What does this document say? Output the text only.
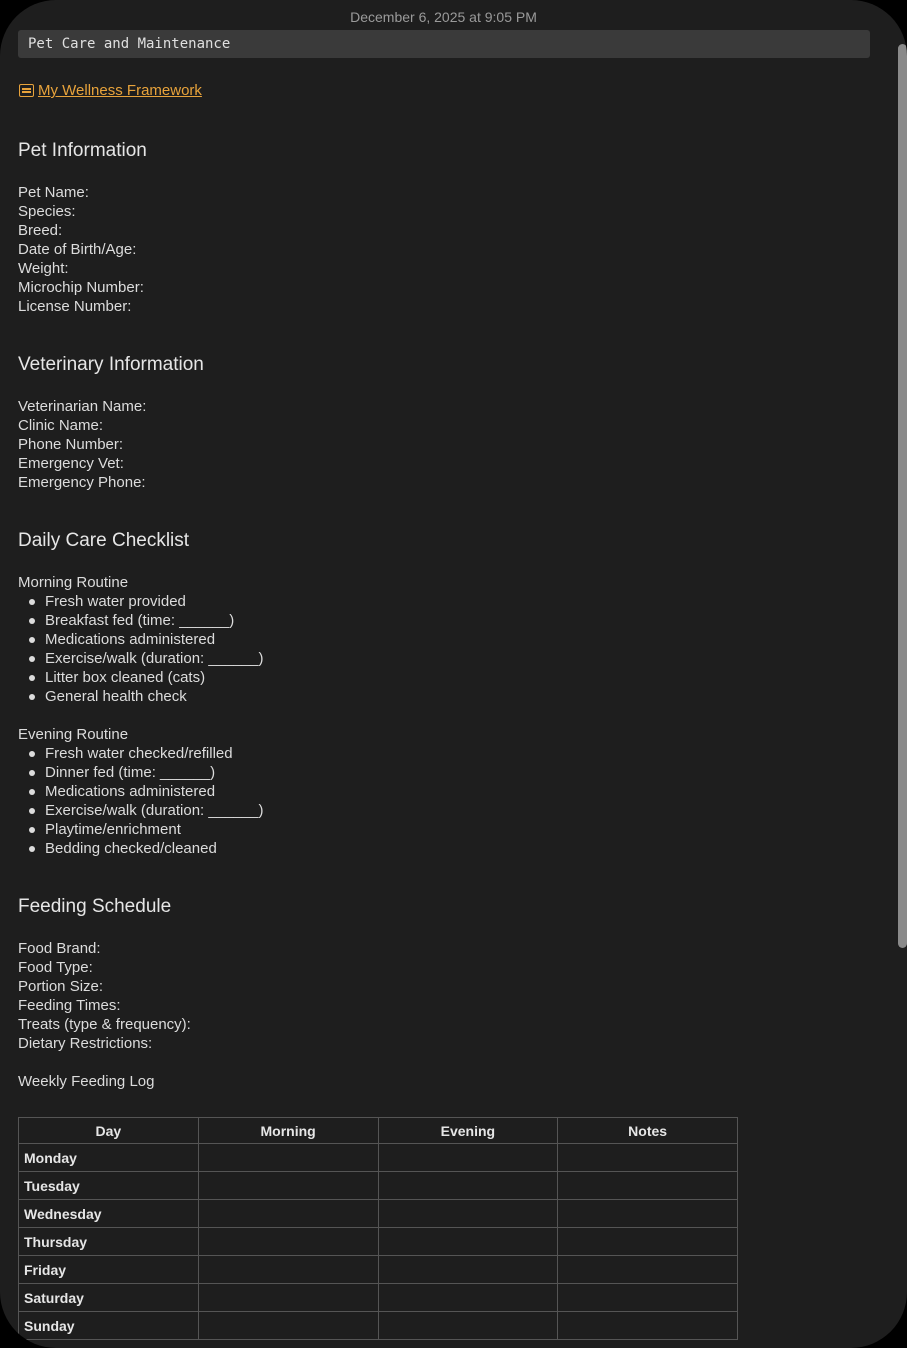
December 6, 2025 at 9:05 PM
Pet Care and Maintenance
My Wellness Framework
Pet Information
Pet Name:
Species:
Breed:
Date of Birth/Age:
Weight:
Microchip Number:
License Number:
Veterinary Information
Veterinarian Name:
Clinic Name:
Phone Number:
Emergency Vet:
Emergency Phone:
Daily Care Checklist
Morning Routine
Fresh water provided
Breakfast fed (time: ______)
Medications administered
Exercise/walk (duration: ______)
Litter box cleaned (cats)
General health check
Evening Routine
Fresh water checked/refilled
Dinner fed (time: ______)
Medications administered
Exercise/walk (duration: ______)
Playtime/enrichment
Bedding checked/cleaned
Feeding Schedule
Food Brand:
Food Type:
Portion Size:
Feeding Times:
Treats (type & frequency):
Dietary Restrictions:
Weekly Feeding Log
Day	Morning	Evening	Notes
Monday			
Tuesday			
Wednesday			
Thursday			
Friday			
Saturday			
Sunday			
